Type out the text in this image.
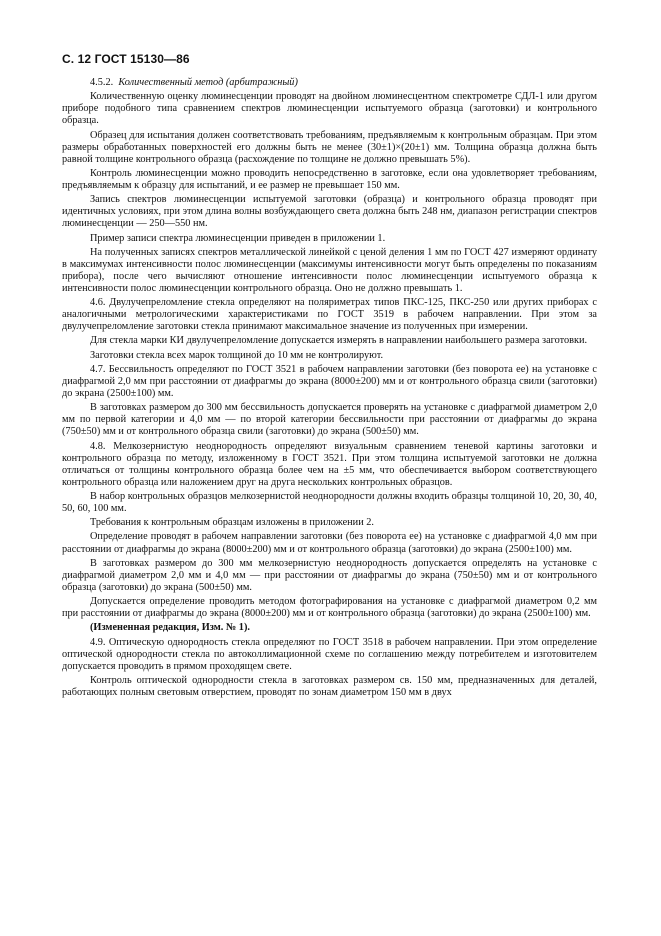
С. 12 ГОСТ 15130—86

4.5.2. Количественный метод (арбитражный)

Количественную оценку люминесценции проводят на двойном люминесцентном спектрометре СДЛ-1 или другом приборе подобного типа сравнением спектров люминесценции испытуемого образца (заготовки) и контрольного образца.

Образец для испытания должен соответствовать требованиям, предъявляемым к контрольным образцам. При этом размеры обработанных поверхностей его должны быть не менее (30±1)×(20±1) мм. Толщина образца должна быть равной толщине контрольного образца (расхождение по толщине не должно превышать 5%).

Контроль люминесценции можно проводить непосредственно в заготовке, если она удовлетворяет требованиям, предъявляемым к образцу для испытаний, и ее размер не превышает 150 мм.

Запись спектров люминесценции испытуемой заготовки (образца) и контрольного образца проводят при идентичных условиях, при этом длина волны возбуждающего света должна быть 248 нм, диапазон регистрации спектров люминесценции — 250—550 нм.

Пример записи спектра люминесценции приведен в приложении 1.

На полученных записях спектров металлической линейкой с ценой деления 1 мм по ГОСТ 427 измеряют ординату в максимумах интенсивности полос люминесценции (максимумы интенсивности могут быть определены по показаниям прибора), после чего вычисляют отношение интенсивности полос люминесценции испытуемого образца к интенсивности полос люминесценции контрольного образца. Оно не должно превышать 1.

4.6. Двулучепреломление стекла определяют на поляриметрах типов ПКС-125, ПКС-250 или других приборах с аналогичными метрологическими характеристиками по ГОСТ 3519 в рабочем направлении. При этом за двулучепреломление заготовки стекла принимают максимальное значение из полученных при измерении.

Для стекла марки КИ двулучепреломление допускается измерять в направлении наибольшего размера заготовки.

Заготовки стекла всех марок толщиной до 10 мм не контролируют.

4.7. Бессвильность определяют по ГОСТ 3521 в рабочем направлении заготовки (без поворота ее) на установке с диафрагмой 2,0 мм при расстоянии от диафрагмы до экрана (8000±200) мм и от контрольного образца свили (заготовки) до экрана (2500±100) мм.

В заготовках размером до 300 мм бессвильность допускается проверять на установке с диафрагмой диаметром 2,0 мм по первой категории и 4,0 мм — по второй категории бессвильности при расстоянии от диафрагмы до экрана (750±50) мм и от контрольного образца свили (заготовки) до экрана (500±50) мм.

4.8. Мелкозернистую неоднородность определяют визуальным сравнением теневой картины заготовки и контрольного образца по методу, изложенному в ГОСТ 3521. При этом толщина испытуемой заготовки не должна отличаться от толщины контрольного образца более чем на ±5 мм, что обеспечивается выбором соответствующего контрольного образца или наложением друг на друга нескольких контрольных образцов.

В набор контрольных образцов мелкозернистой неоднородности должны входить образцы толщиной 10, 20, 30, 40, 50, 60, 100 мм.

Требования к контрольным образцам изложены в приложении 2.

Определение проводят в рабочем направлении заготовки (без поворота ее) на установке с диафрагмой 4,0 мм при расстоянии от диафрагмы до экрана (8000±200) мм и от контрольного образца (заготовки) до экрана (2500±100) мм.

В заготовках размером до 300 мм мелкозернистую неоднородность допускается определять на установке с диафрагмой диаметром 2,0 мм и 4,0 мм — при расстоянии от диафрагмы до экрана (750±50) мм и от контрольного образца (заготовки) до экрана (500±50) мм.

Допускается определение проводить методом фотографирования на установке с диафрагмой диаметром 0,2 мм при расстоянии от диафрагмы до экрана (8000±200) мм и от контрольного образца (заготовки) до экрана (2500±100) мм.

(Измененная редакция, Изм. № 1).

4.9. Оптическую однородность стекла определяют по ГОСТ 3518 в рабочем направлении. При этом определение оптической однородности стекла по автоколлимационной схеме по соглашению между потребителем и изготовителем допускается проводить в прямом проходящем свете.

Контроль оптической однородности стекла в заготовках размером св. 150 мм, предназначенных для деталей, работающих полным световым отверстием, проводят по зонам диаметром 150 мм в двух
